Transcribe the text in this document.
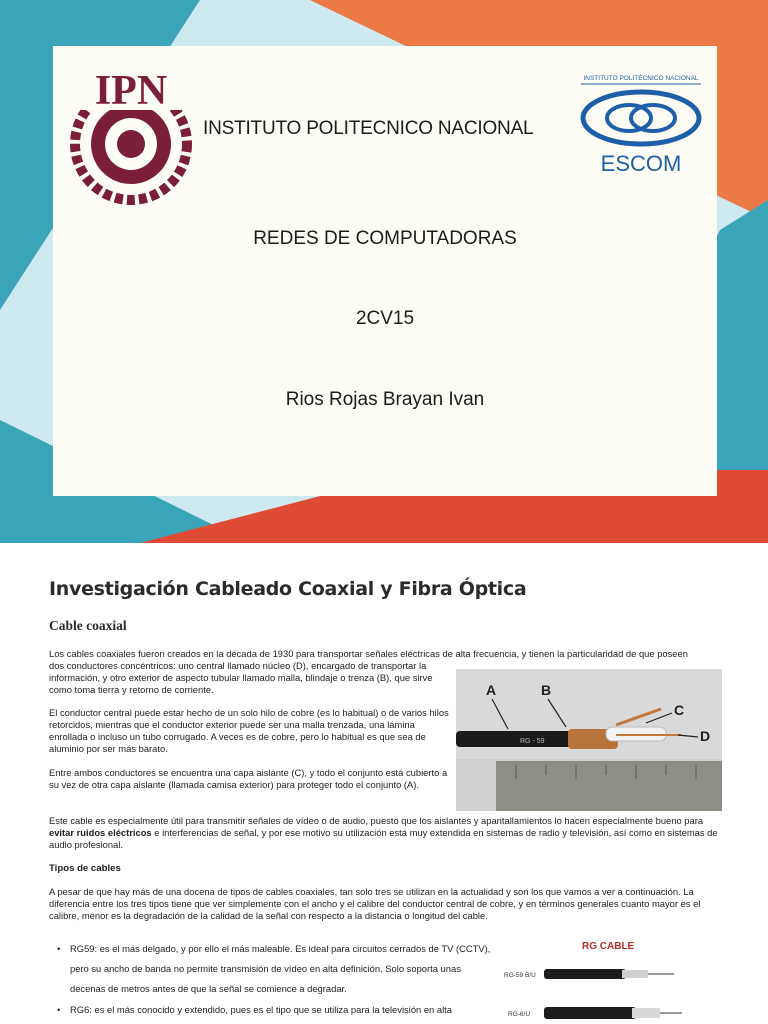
IPN
INSTITUTO POLITECNICO NACIONAL
INSTITUTO POLITÉCNICO NACIONAL
ESCOM
REDES DE COMPUTADORAS
2CV15
Rios Rojas Brayan Ivan
Investigación Cableado Coaxial y Fibra Óptica
Cable coaxial
Los cables coaxiales fueron creados en la década de 1930 para transportar señales eléctricas de alta frecuencia, y tienen la particularidad de que poseen
dos conductores concéntricos: uno central llamado núcleo (D), encargado de transportar la información, y otro exterior de aspecto tubular llamado malla, blindaje o trenza (B), que sirve como toma tierra y retorno de corriente.
El conductor central puede estar hecho de un solo hilo de cobre (es lo habitual) o de varios hilos retorcidos, mientras que el conductor exterior puede ser una malla trenzada, una lámina enrollada o incluso un tubo corrugado. A veces es de cobre, pero lo habitual es que sea de aluminio por ser más barato.
Entre ambos conductores se encuentra una capa aislante (C), y todo el conjunto está cubierto a su vez de otra capa aislante (llamada camisa exterior) para proteger todo el conjunto (A).
Este cable es especialmente útil para transmitir señales de vídeo o de audio, puesto que los aislantes y apantallamientos lo hacen especialmente bueno para evitar ruidos eléctricos e interferencias de señal, y por ese motivo su utilización está muy extendida en sistemas de radio y televisión, así como en sistemas de audio profesional.
Tipos de cables
A pesar de que hay más de una docena de tipos de cables coaxiales, tan solo tres se utilizan en la actualidad y son los que vamos a ver a continuación. La diferencia entre los tres tipos tiene que ver simplemente con el ancho y el calibre del conductor central de cobre, y en términos generales cuanto mayor es el calibre, menor es la degradación de la calidad de la señal con respecto a la distancia o longitud del cable.
• RG59: es el más delgado, y por ello el más maleable. Es ideal para circuitos cerrados de TV (CCTV), pero su ancho de banda no permite transmisión de vídeo en alta definición. Solo soporta unas decenas de metros antes de que la señal se comience a degradar.
• RG6: es el más conocido y extendido, pues es el tipo que se utiliza para la televisión en alta
RG - 59
A	B
C
D
RG CABLE
RG-59 B/U
RG-6/U
